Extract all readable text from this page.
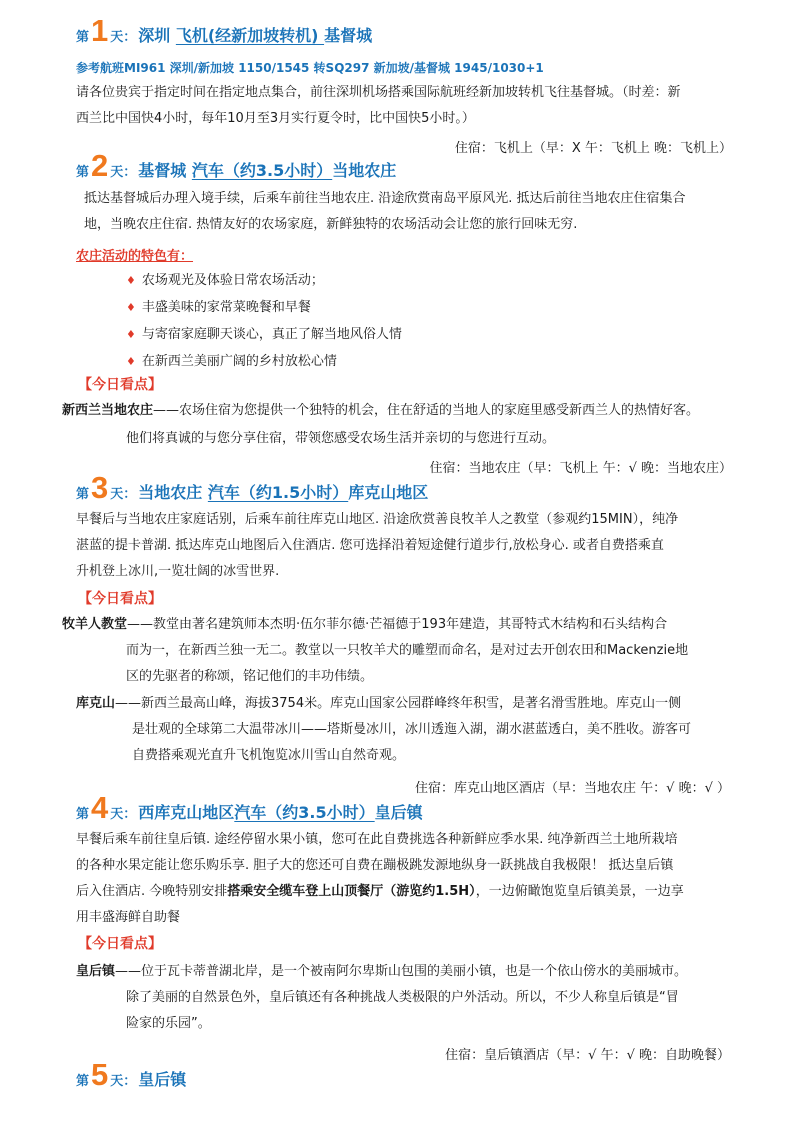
第1 天： 深圳 飞机(经新加坡转机) 基督城
参考航班MI961 深圳/新加坡 1150/1545 转SQ297 新加坡/基督城 1945/1030+1
请各位贵宾于指定时间在指定地点集合，前往深圳机场搭乘国际航班经新加坡转机飞往基督城。（时差：新
西兰比中国快4小时，每年10月至3月实行夏令时，比中国快5小时。）
住宿：飞机上（早：X 午：飞机上 晚：飞机上）
第2 天： 基督城 汽车（约3.5小时）当地农庄
抵达基督城后办理入境手续，后乘车前往当地农庄. 沿途欣赏南岛平原风光. 抵达后前往当地农庄住宿集合
地，当晚农庄住宿. 热情友好的农场家庭，新鲜独特的农场活动会让您的旅行回味无穷.
农庄活动的特色有：
♦ 农场观光及体验日常农场活动；
♦ 丰盛美味的家常菜晚餐和早餐
♦ 与寄宿家庭聊天谈心，真正了解当地风俗人情
♦ 在新西兰美丽广阔的乡村放松心情
【今日看点】
新西兰当地农庄——农场住宿为您提供一个独特的机会，住在舒适的当地人的家庭里感受新西兰人的热情好客。
他们将真诚的与您分享住宿，带领您感受农场生活并亲切的与您进行互动。
住宿：当地农庄（早：飞机上 午：√ 晚：当地农庄）
第3 天： 当地农庄 汽车（约1.5小时）库克山地区
早餐后与当地农庄家庭话别，后乘车前往库克山地区. 沿途欣赏善良牧羊人之教堂（参观约15MIN），纯净
湛蓝的提卡普湖. 抵达库克山地图后入住酒店. 您可选择沿着短途健行道步行,放松身心. 或者自费搭乘直
升机登上冰川,一览壮阔的冰雪世界.
【今日看点】
牧羊人教堂——教堂由著名建筑师本杰明·伍尔菲尔德·芒福德于193年建造，其哥特式木结构和石头结构合
而为一，在新西兰独一无二。教堂以一只牧羊犬的雕塑而命名，是对过去开创农田和Mackenzie地
区的先驱者的称颂，铭记他们的丰功伟绩。
库克山——新西兰最高山峰，海拔3754米。库克山国家公园群峰终年积雪，是著名滑雪胜地。库克山一侧
是壮观的全球第二大温带冰川——塔斯曼冰川，冰川透迤入湖，湖水湛蓝透白，美不胜收。游客可
自费搭乘观光直升飞机饱览冰川雪山自然奇观。
住宿：库克山地区酒店（早：当地农庄 午：√ 晚：√ ）
第4 天： 西库克山地区汽车（约3.5小时）皇后镇
早餐后乘车前往皇后镇. 途经停留水果小镇，您可在此自费挑选各种新鲜应季水果. 纯净新西兰土地所栽培
的各种水果定能让您乐购乐享. 胆子大的您还可自费在蹦极跳发源地纵身一跃挑战自我极限！ 抵达皇后镇
后入住酒店. 今晚特别安排搭乘安全缆车登上山顶餐厅（游览约1.5H），一边俯瞰饱览皇后镇美景，一边享
用丰盛海鲜自助餐
【今日看点】
皇后镇——位于瓦卡蒂普湖北岸，是一个被南阿尔卑斯山包围的美丽小镇，也是一个依山傍水的美丽城市。
除了美丽的自然景色外，皇后镇还有各种挑战人类极限的户外活动。所以，不少人称皇后镇是“冒
险家的乐园”。
住宿：皇后镇酒店（早：√ 午：√ 晚：自助晚餐）
第5 天： 皇后镇
